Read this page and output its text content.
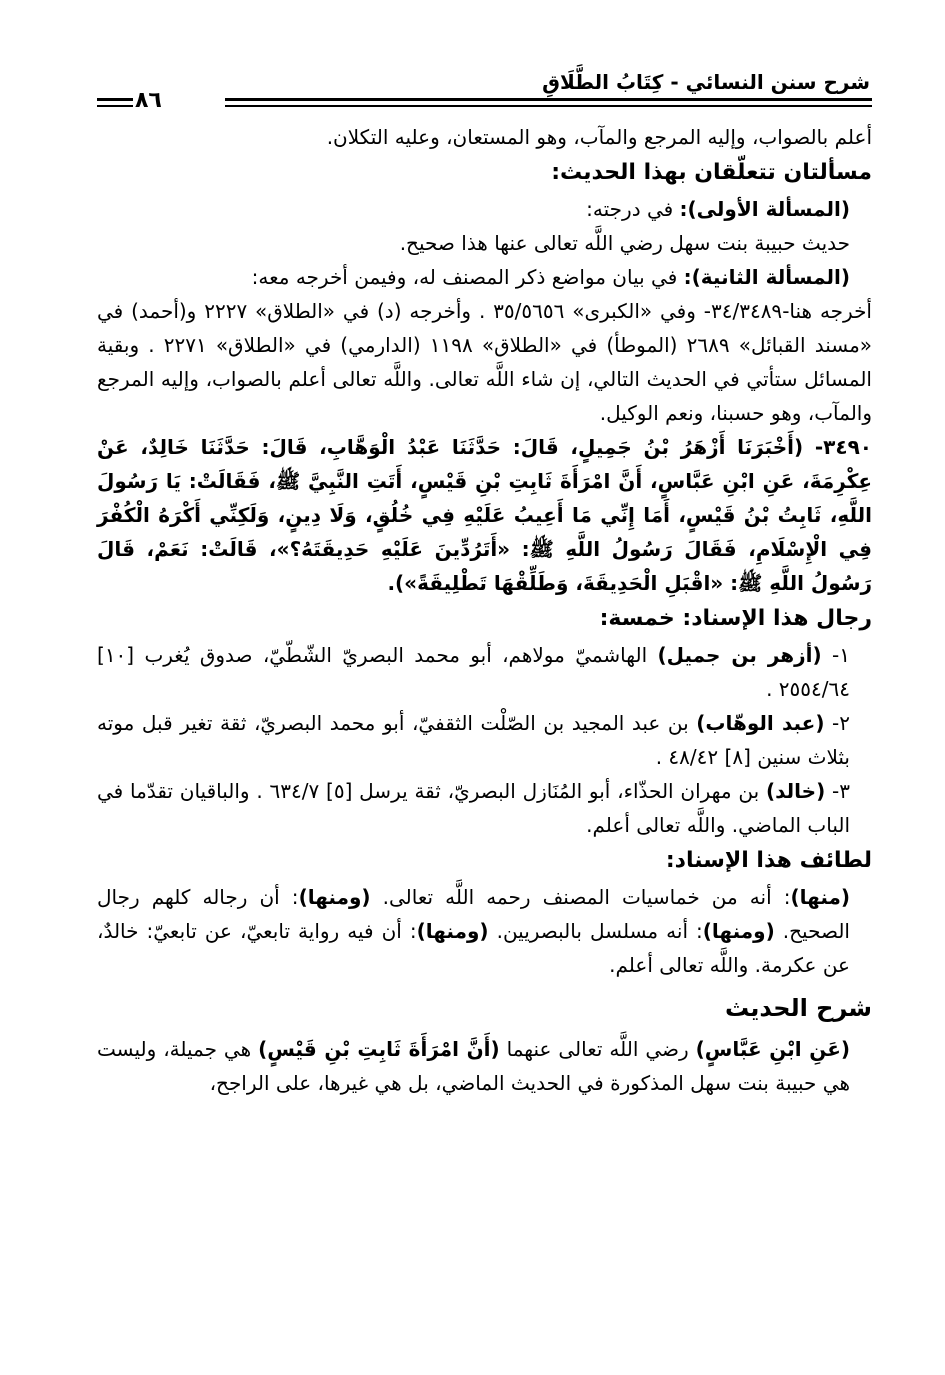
شرح سنن النسائي - كِتَابُ الطَّلَاقِ
٨٦

أعلم بالصواب، وإليه المرجع والمآب، وهو المستعان، وعليه التكلان.

مسألتان تتعلّقان بهذا الحديث:

(المسألة الأولى): في درجته:

حديث حبيبة بنت سهل رضي اللَّه تعالى عنها هذا صحيح.

(المسألة الثانية): في بيان مواضع ذكر المصنف له، وفيمن أخرجه معه:

أخرجه هنا-٣٤/٣٤٨٩- وفي «الكبرى» ٣٥/٥٦٥٦ . وأخرجه (د) في «الطلاق» ٢٢٢٧ و(أحمد) في «مسند القبائل» ٢٦٨٩ (الموطأ) في «الطلاق» ١١٩٨ (الدارمي) في «الطلاق» ٢٢٧١ . وبقية المسائل ستأتي في الحديث التالي، إن شاء اللَّه تعالى. واللَّه تعالى أعلم بالصواب، وإليه المرجع والمآب، وهو حسبنا، ونعم الوكيل.

٣٤٩٠- (أَخْبَرَنَا أَزْهَرُ بْنُ جَمِيلٍ، قَالَ: حَدَّثَنَا عَبْدُ الْوَهَّابِ، قَالَ: حَدَّثَنَا خَالِدٌ، عَنْ عِكْرِمَةَ، عَنِ ابْنِ عَبَّاسٍ، أَنَّ امْرَأَةَ ثَابِتِ بْنِ قَيْسٍ، أَتَتِ النَّبِيَّ ﷺ، فَقَالَتْ: يَا رَسُولَ اللَّهِ، ثَابِتُ بْنُ قَيْسٍ، أَمَا إِنِّي مَا أَعِيبُ عَلَيْهِ فِي خُلُقٍ، وَلَا دِينٍ، وَلَكِنِّي أَكْرَهُ الْكُفْرَ فِي الْإِسْلَامِ، فَقَالَ رَسُولُ اللَّهِ ﷺ: «أَتَرُدِّينَ عَلَيْهِ حَدِيقَتَهُ؟»، قَالَتْ: نَعَمْ، قَالَ رَسُولُ اللَّهِ ﷺ: «اقْبَلِ الْحَدِيقَةَ، وَطَلِّقْهَا تَطْلِيقَةً»).

رجال هذا الإسناد: خمسة:

١- (أزهر بن جميل) الهاشميّ مولاهم، أبو محمد البصريّ الشّطّيّ، صدوق يُغرب [١٠] ٢٥٥٤/٦٤ .

٢- (عبد الوهّاب) بن عبد المجيد بن الصّلْت الثقفيّ، أبو محمد البصريّ، ثقة تغير قبل موته بثلاث سنين [٨] ٤٨/٤٢ .

٣- (خالد) بن مهران الحذّاء، أبو المُنَازل البصريّ، ثقة يرسل [٥] ٦٣٤/٧ . والباقيان تقدّما في الباب الماضي. واللَّه تعالى أعلم.

لطائف هذا الإسناد:

(منها): أنه من خماسيات المصنف رحمه اللَّه تعالى. (ومنها): أن رجاله كلهم رجال الصحيح. (ومنها): أنه مسلسل بالبصريين. (ومنها): أن فيه رواية تابعيّ، عن تابعيّ: خالدٌ، عن عكرمة. واللَّه تعالى أعلم.

شرح الحديث

(عَنِ ابْنِ عَبَّاسٍ) رضي اللَّه تعالى عنهما (أَنَّ امْرَأَةَ ثَابِتِ بْنِ قَيْسٍ) هي جميلة، وليست هي حبيبة بنت سهل المذكورة في الحديث الماضي، بل هي غيرها، على الراجح،
